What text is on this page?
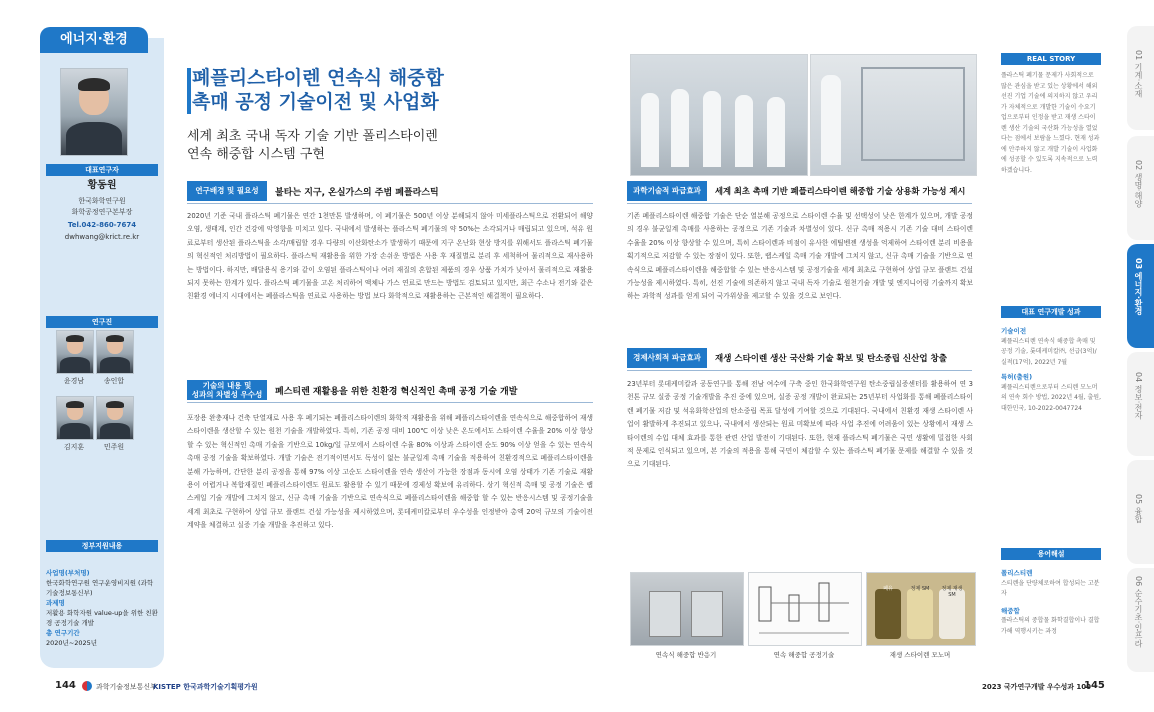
에너지·환경
대표연구자
황동원
한국화학연구원
화학공정연구본부장
Tel.042-860-7674
dwhwang@krict.re.kr
연구진
윤경남	송인합
김지훈	민주원
정부지원내용
사업명(부처명)
한국화학연구원 연구운영비지원 (과학기술정보통신부)
과제명
저활용 화학자원 value-up을 위한 친환경 공정기술 개발
총 연구기간
2020년~2025년
폐플리스타이렌 연속식 해중합
촉매 공정 기술이전 및 사업화
세계 최초 국내 독자 기술 기반 폴리스타이렌
연속 해중합 시스템 구현
연구배경 및 필요성	불타는 지구, 온실가스의 주범 폐플라스틱
2020년 기준 국내 플라스틱 폐기물은 연간 1천만톤 발생하며, 이 폐기물은 500년 이상 분해되지 않아 미세플라스틱으로 전환되어 해양오염, 생태계, 인간 건강에 악영향을 미치고 있다. 국내에서 발생하는 플라스틱 폐기물의 약 50%는 소각되거나 매립되고 있으며, 석유 원료로부터 생산된 플라스틱을 소각/매립할 경우 다량의 이산화탄소가 발생하기 때문에 지구 온난화 현상 방지를 위해서도 플라스틱 폐기물의 혁신적인 처리방법이 필요하다. 플라스틱 재활용을 위한 가장 손쉬운 방법은 사용 후 재질별로 분리 후 세척하여 물리적으로 재사용하는 방법이다. 하지만, 배달용식 용기와 같이 오염된 플라스틱이나 여러 재질의 혼합된 제품의 경우 상품 가치가 낮아서 물리적으로 재활용되지 못하는 한계가 있다. 플라스틱 폐기물을 고온 처리하여 액체나 가스 연료로 만드는 방법도 검토되고 있지만, 최근 수소나 전기와 같은 친환경 에너지 시대에서는 폐플라스틱을 연료로 사용하는 방법 보다 화학적으로 재활용하는 근본적인 해결책이 필요하다.
기술의 내용 및
성과의 차별성 우수성	폐스티렌 재활용을 위한 친환경 혁신적인 촉매 공정 기술 개발
포장용 완충재나 건축 단열재로 사용 후 폐기되는 폐플리스타이렌의 화학적 재활용을 위해 폐플리스타이렌을 연속식으로 해중합하여 재생 스타이렌을 생산할 수 있는 원천 기술을 개발하였다. 특히, 기존 공정 대비 100℃ 이상 낮은 온도에서도 스타이렌 수율을 20% 이상 향상할 수 있는 혁신적인 촉매 기술을 기반으로 10kg/일 규모에서 스타이렌 수율 80% 이상과 스타이렌 순도 90% 이상 얻을 수 있는 연속식 촉매 공정 기술을 확보하였다. 개발 기술은 전기적이면서도 독성이 없는 불균일계 촉매 기술을 적용하여 친환경적으로 폐플리스타이렌을 분해 가능하며, 간단한 분리 공정을 통해 97% 이상 고순도 스타이렌을 연속 생산이 가능한 장점과 동시에 오염 상태가 기존 기술로 재활용이 어렵거나 복합재질인 폐플리스타이렌도 원료도 활용할 수 있기 때문에 경제성 확보에 유리하다. 상기 혁신적 촉매 및 공정 기술은 랩스케일 기술 개발에 그치지 않고, 신규 촉매 기술을 기반으로 연속식으로 폐플리스타이렌을 해중합 할 수 있는 반응시스템 및 공정기술을 세계 최초로 구현하여 상업 규모 플랜트 건설 가능성을 제시하였으며, 롯데케미칼로부터 우수성을 인정받아 총액 20억 규모의 기술이전 계약을 체결하고 실증 기술 개발을 추진하고 있다.
144	과학기술정보통신부
KISTEP 한국과학기술기획평가원
과학기술적 파급효과	세계 최초 촉매 기반 폐플리스타이렌 해중합 기술 상용화 가능성 제시
기존 폐플리스타이렌 해중합 기술은 단순 열분해 공정으로 스타이렌 수율 및 선택성이 낮은 한계가 있으며, 개발 공정의 경우 불균일계 촉매를 사용하는 공정으로 기존 기술과 차별성이 있다. 신규 촉매 적용시 기존 기술 대비 스타이렌 수율을 20% 이상 향상할 수 있으며, 특히 스타이렌과 비점이 유사한 에틸벤젠 생성을 억제하여 스타이렌 분리 비용을 획기적으로 저감할 수 있는 장점이 있다. 또한, 랩스케일 촉매 기술 개발에 그치지 않고, 신규 촉매 기술을 기반으로 연속식으로 폐플리스타이렌을 해중합할 수 있는 반응시스템 및 공정기술을 세계 최초로 구현하여 상업 규모 플랜트 건설 가능성을 제시하였다. 특히, 선진 기술에 의존하지 않고 국내 독자 기술로 원천기술 개발 및 엔지니어링 기술까지 확보하는 과학적 성과를 얻게 되어 국가위상을 제고할 수 있을 것으로 보인다.
경제사회적 파급효과	재생 스타이렌 생산 국산화 기술 확보 및 탄소중립 신산업 창출
23년부터 롯데케미칼과 공동연구를 통해 전남 여수에 구축 중인 한국화학연구원 탄소중립실증센터를 활용하여 연 3천톤 규모 실증 공정 기술개발을 추진 중에 있으며, 실증 공정 개발이 완료되는 25년부터 사업화를 통해 폐플리스타이렌 폐기물 저감 및 석유화학산업의 탄소중립 목표 달성에 기여할 것으로 기대된다. 국내에서 친환경 재생 스타이렌 사업이 활발하게 추진되고 있으나, 국내에서 생산되는 원료 미확보에 따라 사업 추진에 어려움이 있는 상황에서 재생 스타이렌의 수입 대체 효과를 통한 관련 산업 발전이 기대된다. 또한, 현재 플라스틱 폐기물은 국민 생활에 밀접한 사회적 문제로 인식되고 있으며, 본 기술의 적용을 통해 국민이 체감할 수 있는 플라스틱 폐기물 문제를 해결할 수 있을 것으로 기대된다.
폐유	정제 SM	정제 재생SM
연속식 해중합 반응기	연속 해중합 공정기술	재생 스타이렌 모노머
REAL STORY
플라스틱 폐기물 문제가 사회적으로 많은 관심을 받고 있는 상황에서 해외 선진 기업 기술에 의지하지 않고 우리가 자체적으로 개발한 기술이 수요기업으로부터 인정을 받고 재생 스타이렌 생산 기술의 국산화 가능성을 열었다는 점에서 보람을 느꼈다. 현재 성과에 안주하지 않고 개발 기술이 사업화에 성공할 수 있도록 지속적으로 노력하겠습니다.
대표 연구개발 성과
기술이전
폐플리스티렌 연속식 해중합 촉매 및 공정 기술, 롯데케미칼㈜, 선급(3억)/실적(17억), 2022년 7월
특허(출원)
폐플리스티렌으로부터 스티렌 모노머의 연속 회수 방법, 2022년 4월, 출원, 대한민국, 10-2022-0047724
용어해설
폴리스티렌
스티렌을 단량체로하여 합성되는 고분자
해중합
플라스틱의 중합물 화학결합이나 결합 가해 역행시키는 과정
01 기계·소재
02 생명·해양
03 에너지·환경
04 정보·전자
05 융합
06 순수기초·인프라
2023 국가연구개발 우수성과 100
145
